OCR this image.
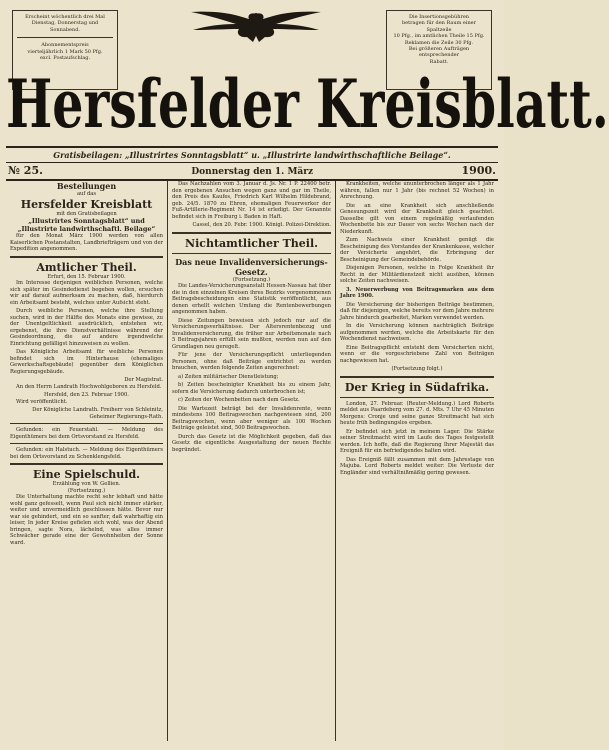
Erscheint wöchentlich drei Mal
Dienstag, Donnerstag und Sonnabend.
Abonnementspreis
vierteljährlich 1 Mark 50 Pfg.
excl. Postaufschlag.
Die Insertionsgebühren
betragen für den Raum einer Spaltzeile
10 Pfg., im amtlichen Theile 15 Pfg.
Reklamen die Zeile 30 Pfg.
Bei größeren Aufträgen entsprechender
Rabatt.
Hersfelder Kreisblatt.
Gratisbeilagen: „Illustrirtes Sonntagsblatt“ u. „Illustrirte landwirthschaftliche Beilage“.
№ 25.	Donnerstag den 1. März	1900.
Bestellungen
auf das
Hersfelder Kreisblatt
mit den Gratisbeilagen
„Illustrirtes Sonntagsblatt“ und
„Illustrirte landwirthschaftl. Beilage“

für den Monat März 1900 werden von allen Kaiserlichen Postanstalten, Landbriefträgern und von der Expedition angenommen.

Amtlicher Theil.
Erfurt, den 15. Februar 1900.

Im Interesse derjenigen weiblichen Personen, welche sich später im Gesindedienst begeben wollen, ersuchen wir auf darauf aufmerksam zu machen, daß, hierdurch ein Arbeitsamt besteht, welches unter Aufsicht steht.

Durch weibliche Personen, welche ihre Stellung suchen, wird in der Hälfte des Monats eine gewisse, zu der Unentgeltlichkeit ausdrücklich, entstehen wir, ergebenst, die ihre Dienstverhältnisse während der Gesindeordnung, die auf andere irgendwelche Einrichtung gefälligst hinzuweisen zu wollen.

Das Königliche Arbeitsamt für weibliche Personen befindet sich im Hinterhause (ehemaliges Gewerkschaftsgebäude) gegenüber dem Königlichen Regierungsgebäude.

Der Magistrat.

An den Herrn Landrath Hochwohlgeboren zu Hersfeld.

Hersfeld, den 23. Februar 1900.

Wird veröffentlicht.

Der Königliche Landrath. Freiherr von Schleinitz, Geheimer Regierungs-Rath.

Gefunden: ein Feuerstahl. — Meldung des Eigenthümers bei dem Ortsvorstand zu Hersfeld.

Gefunden: ein Halstuch. — Meldung des Eigenthümers bei dem Ortsvorstand zu Schenklengsfeld.

Eine Spielschuld.
Erzählung von W. Gellien.
(Fortsetzung.)

Die Unterhaltung machte recht sehr lebhaft und hätte wohl ganz gefesselt, wenn Paul sich nicht immer stärker, weiter und unvermeidlich geschlossen hätte. Bevor nur war sie gehindert, und ein so sanfter, daß wahrhaftig ein leiser, In jeder Kreise gefielen sich wohl, was der Abend bringen, sagte Nora, lächelnd, was alles immer Schwächer gerade eine der Gewohnheiten der Sonne ward.

Das Nachzahlen vom 3. Januar d. Js. Nr. 1 P. 22400 betr. den ergebenen Ansuchen wegen ganz und gar im Theile, den Preis des Kaufes, Friedrich Karl Wilhelm Hildebrand, geb. 24/5. 1870 zu Ehren, ehemaligen Feuerwerker der Fuß-Artillerie-Regiment Nr. 14 ist erledigt. Der Genannte befindet sich in Freiburg i. Baden in Haft.

Cassel, den 20. Febr. 1900. Königl. Polizei-Direktion.
Nichtamtlicher Theil.
Das neue Invalidenversicherungs-Gesetz.
(Fortsetzung.)

Die Landes-Versicherungsanstalt Hessen-Nassau hat über die in den einzelnen Kreisen ihres Bezirks vorgenommenen Beitragsbescheidungen eine Statistik veröffentlicht, aus denen erhellt welchen Umfang die Rentenbewerbungen angenommen haben.

Diese Zeitungen beweisen sich jedoch nur auf die Versicherungsverhältnisse. Der Altersrentenbezug und Invalidenversicherung, die früher nur Arbeitsmonate nach 5 Beitragsjahren erfüllt sein mußten, werden nun auf den Grundlagen neu geregelt.

Für jene der Versicherungspflicht unterliegenden Personen, ohne daß Beiträge entrichtet zu werden brauchen, werden folgende Zeiten angerechnet:

a) Zeiten militärischer Dienstleistung;

b) Zeiten bescheinigter Krankheit bis zu einem Jahr, sofern die Versicherung dadurch unterbrochen ist;

c) Zeiten der Wochenbetten nach dem Gesetz.

Die Wartezeit beträgt bei der Invalidenrente, wenn mindestens 100 Beitragswochen nachgewiesen sind, 200 Beitragswochen, wenn aber weniger als 100 Wochen Beiträge geleistet sind, 500 Beitragswochen.

Durch das Gesetz ist die Möglichkeit gegeben, daß das Gesetz die eigentliche Ausgestaltung der neuen Rechte begründet.

Krankheiten, welche ununterbrochen länger als 1 Jahr währen, fallen nur 1 Jahr (bis rechnet 52 Wochen) in Anrechnung.

Die an eine Krankheit sich anschließende Genesungszeit wird der Krankheit gleich geachtet. Dasselbe gilt von einem regelmäßig verlaufenden Wochenbette bis zur Dauer von sechs Wochen nach der Niederkunft.

Zum Nachweis einer Krankheit genügt die Bescheinigung des Vorstandes der Krankenkasse, welcher der Versicherte angehört, die Erbringung der Bescheinigung der Gemeindebehörde.

Diejenigen Personen, welche in Folge Krankheit ihr Recht in der Militärdienstzeit nicht ausüben, können solche Zeiten nachweisen.

3. Neuerwerbung von Beitragsmarken aus dem Jahre 1900.

Die Versicherung der bisherigen Beiträge bestimmen, daß für diejenigen, welche bereits vor dem Jahre mehrere Jahre hindurch gearbeitet, Marken verwendet werden.

In die Versicherung können nachträglich Beiträge aufgenommen werden, welche die Arbeitskarte für den Wochendienst nachweisen.

Eine Beitragspflicht entsteht dem Versicherten nicht, wenn er die vorgeschriebene Zahl von Beiträgen nachgewiesen hat.

(Fortsetzung folgt.)
Der Krieg in Südafrika.

London, 27. Februar. (Reuter-Meldung.) Lord Roberts meldet aus Paardeberg vom 27. d. Mts. 7 Uhr 45 Minuten Morgens: Cronje und seine ganze Streitmacht hat sich heute früh bedingungslos ergeben.

Er befindet sich jetzt in meinem Lager. Die Stärke seiner Streitmacht wird im Laufe des Tages festgestellt werden. Ich hoffe, daß die Regierung Ihrer Majestät das Ereigniß für ein befriedigendes halten wird.

Das Ereigniß fällt zusammen mit dem Jahrestage von Majuba. Lord Roberts meldet weiter: Die Verluste der Engländer sind verhältnißmäßig gering gewesen.
